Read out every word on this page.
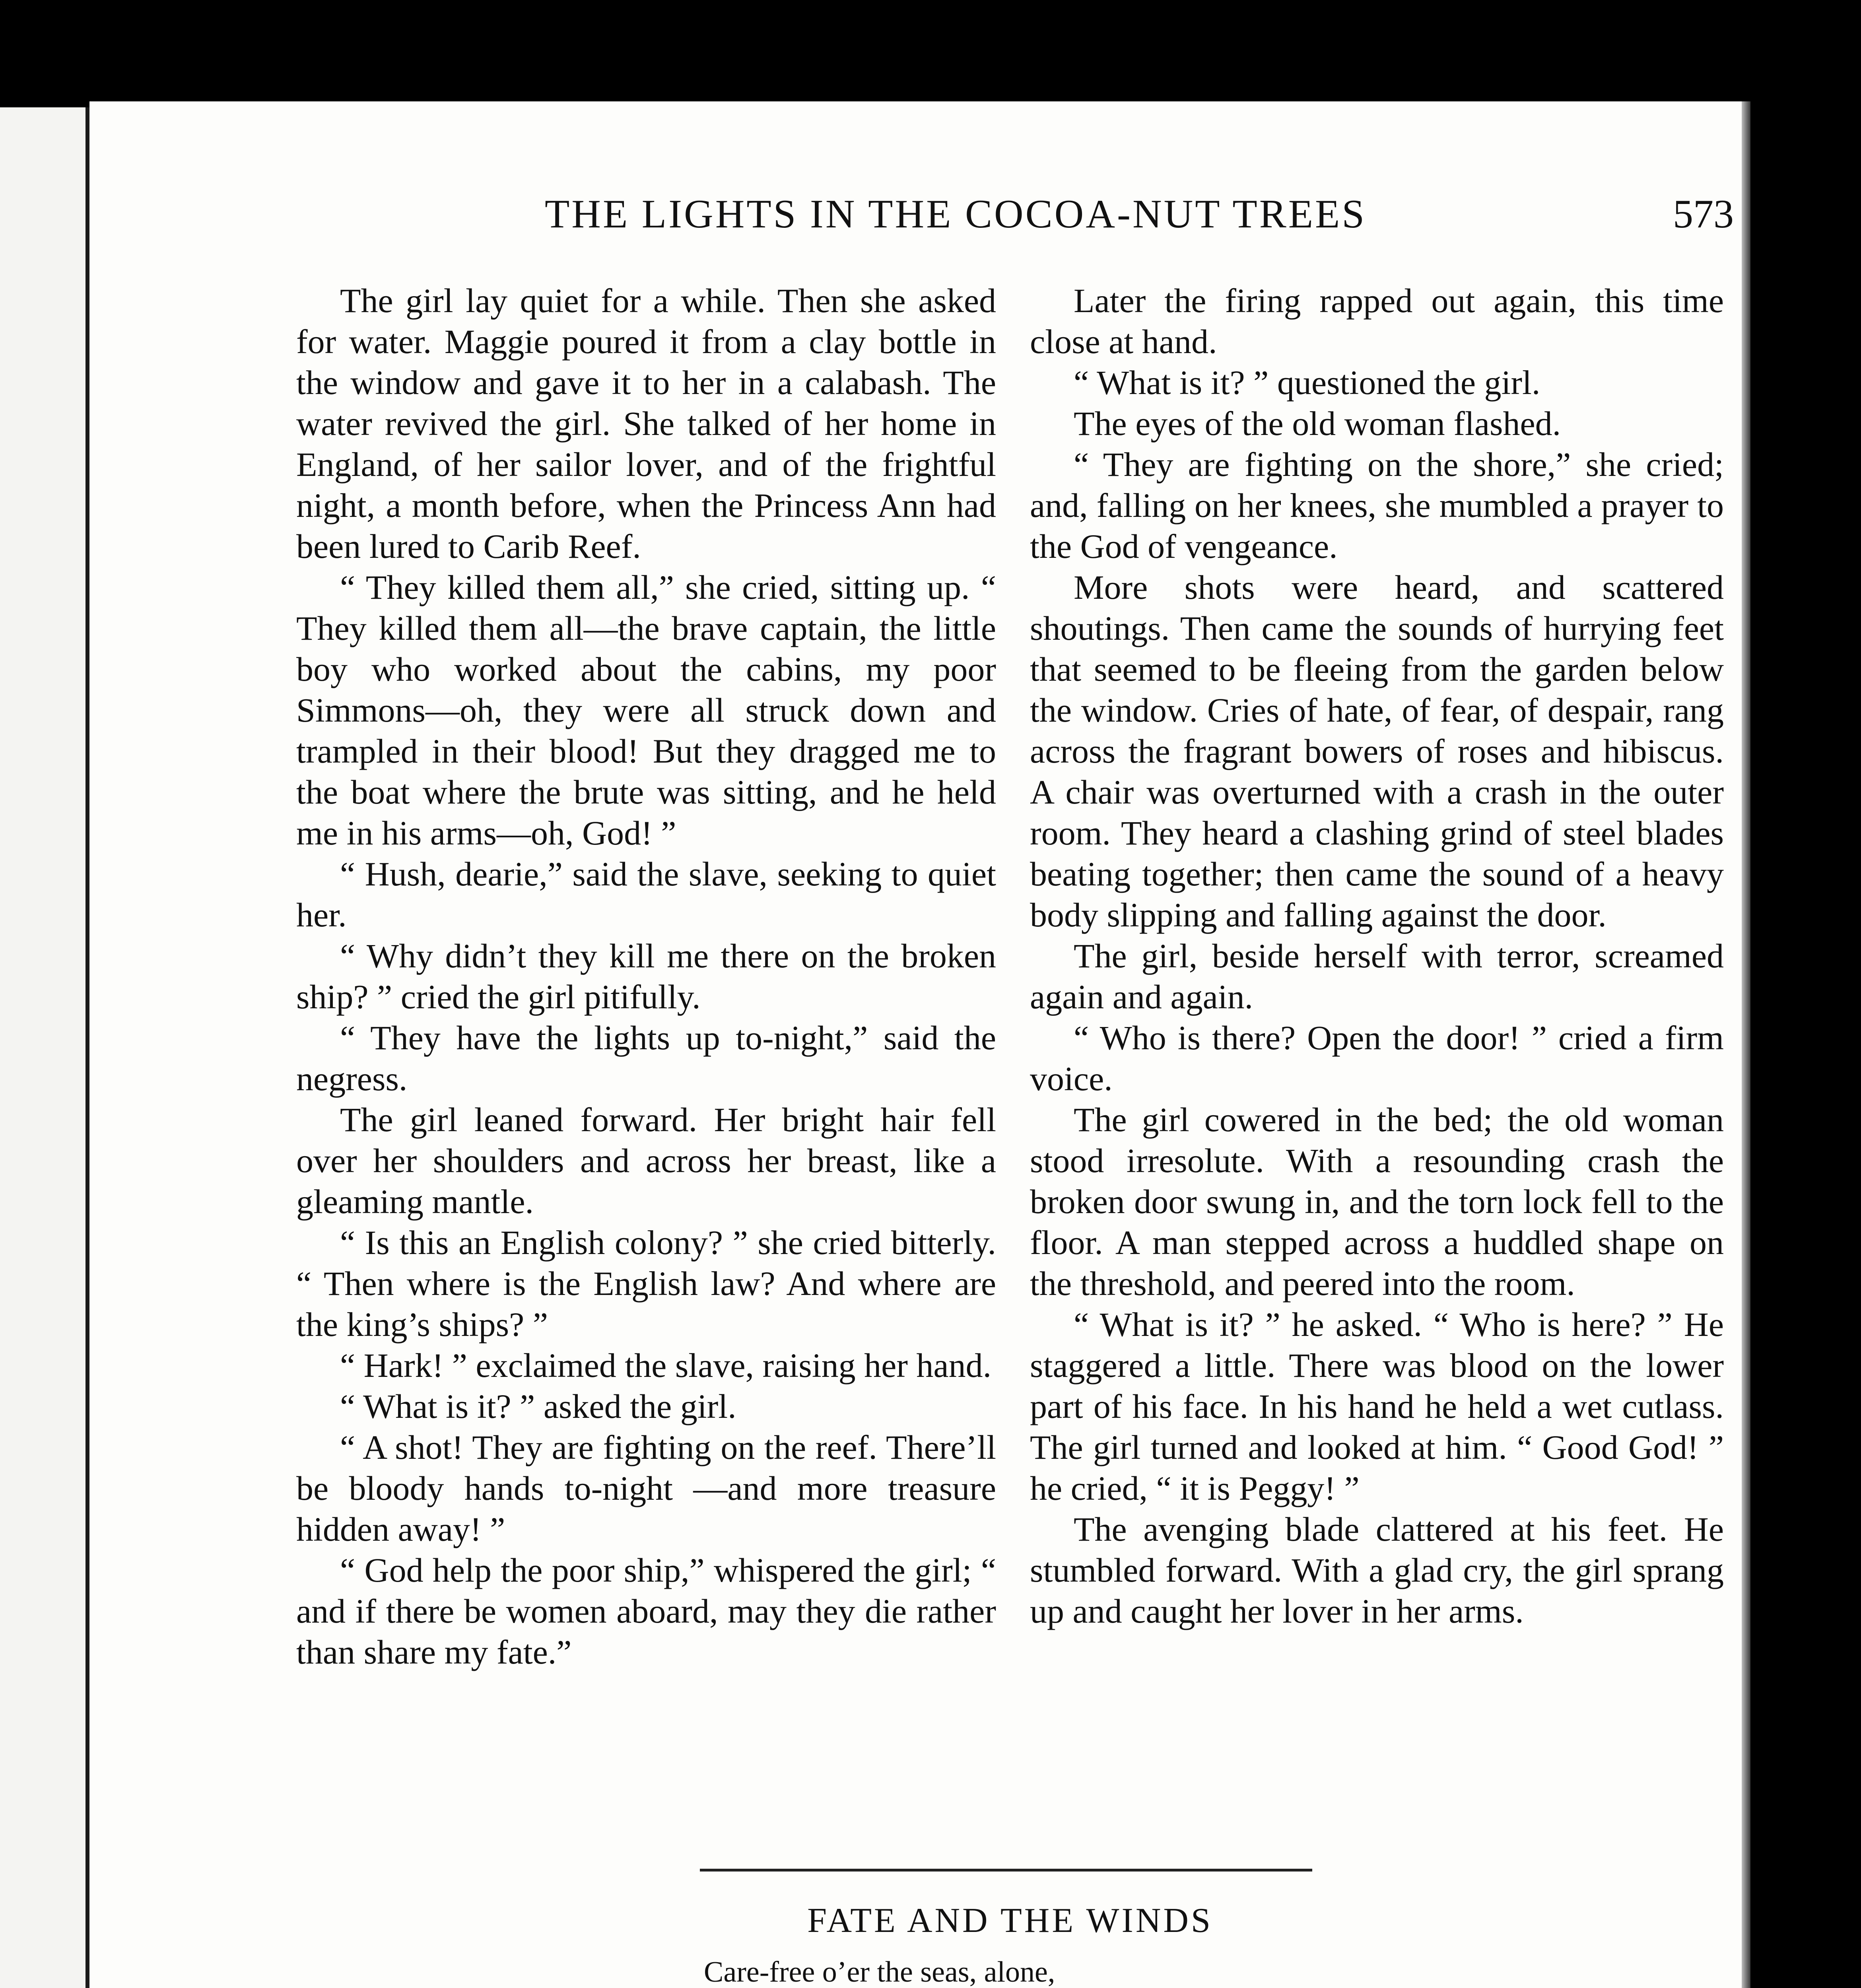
THE LIGHTS IN THE COCOA-NUT TREES	573

The girl lay quiet for a while. Then she asked for water. Maggie poured it from a clay bottle in the window and gave it to her in a calabash. The water revived the girl. She talked of her home in England, of her sailor lover, and of the frightful night, a month before, when the Princess Ann had been lured to Carib Reef.

“ They killed them all,” she cried, sitting up. “ They killed them all—the brave captain, the little boy who worked about the cabins, my poor Simmons—oh, they were all struck down and trampled in their blood! But they dragged me to the boat where the brute was sitting, and he held me in his arms—oh, God! ”

“ Hush, dearie,” said the slave, seeking to quiet her.

“ Why didn’t they kill me there on the broken ship? ” cried the girl pitifully.

“ They have the lights up to-night,” said the negress.

The girl leaned forward. Her bright hair fell over her shoulders and across her breast, like a gleaming mantle.

“ Is this an English colony? ” she cried bitterly. “ Then where is the English law? And where are the king’s ships? ”

“ Hark! ” exclaimed the slave, raising her hand.

“ What is it? ” asked the girl.

“ A shot! They are fighting on the reef. There’ll be bloody hands to-night —and more treasure hidden away! ”

“ God help the poor ship,” whispered the girl; “ and if there be women aboard, may they die rather than share my fate.”

Later the firing rapped out again, this time close at hand.

“ What is it? ” questioned the girl.

The eyes of the old woman flashed.

“ They are fighting on the shore,” she cried; and, falling on her knees, she mumbled a prayer to the God of vengeance.

More shots were heard, and scattered shoutings. Then came the sounds of hurrying feet that seemed to be fleeing from the garden below the window. Cries of hate, of fear, of despair, rang across the fragrant bowers of roses and hibiscus. A chair was overturned with a crash in the outer room. They heard a clashing grind of steel blades beating together; then came the sound of a heavy body slipping and falling against the door.

The girl, beside herself with terror, screamed again and again.

“ Who is there? Open the door! ” cried a firm voice.

The girl cowered in the bed; the old woman stood irresolute. With a resounding crash the broken door swung in, and the torn lock fell to the floor. A man stepped across a huddled shape on the threshold, and peered into the room.

“ What is it? ” he asked. “ Who is here? ” He staggered a little. There was blood on the lower part of his face. In his hand he held a wet cutlass. The girl turned and looked at him. “ Good God! ” he cried, “ it is Peggy! ”

The avenging blade clattered at his feet. He stumbled forward. With a glad cry, the girl sprang up and caught her lover in her arms.

FATE AND THE WINDS
Care-free o’er the seas, alone,
